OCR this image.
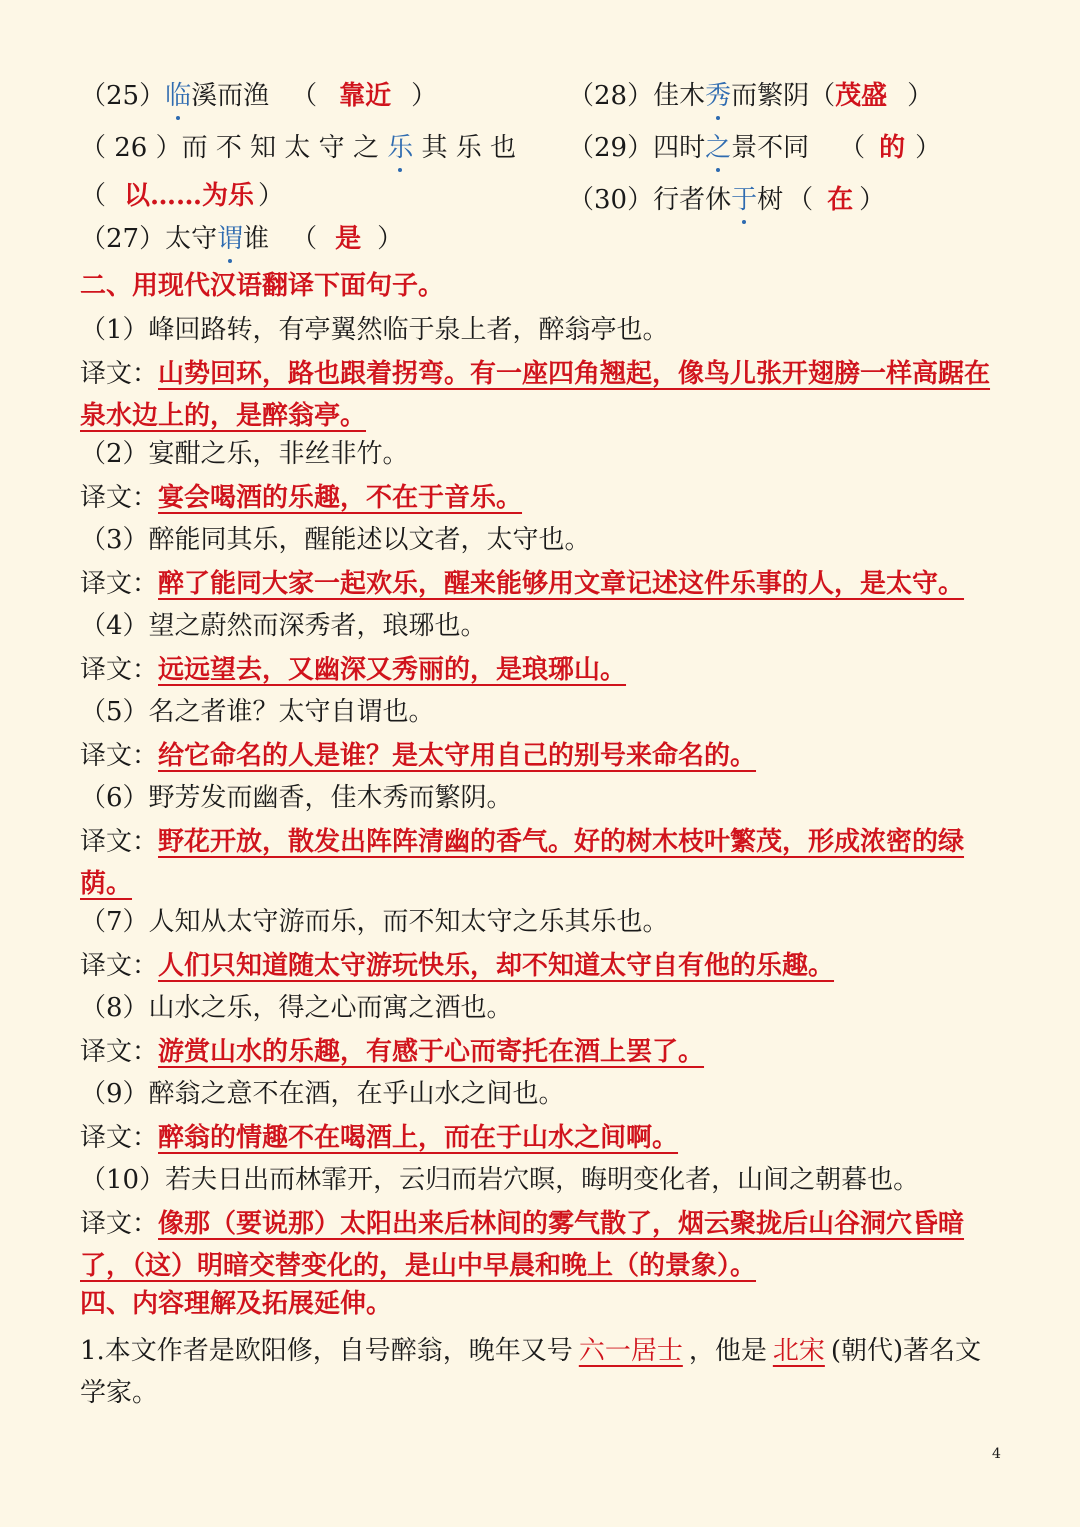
（25）临溪而渔 （ 靠近 ）
（ 26 ）而 不 知 太 守 之 乐 其 乐 也
（ 以……为乐 ）
（27）太守谓谁 （ 是 ）
（28）佳木秀而繁阴（茂盛 ）
（29）四时之景不同 （ 的 ）
（30）行者休于树 （ 在 ）
二、用现代汉语翻译下面句子。
（1）峰回路转，有亭翼然临于泉上者，醉翁亭也。
译文：山势回环，路也跟着拐弯。有一座四角翘起，像鸟儿张开翅膀一样高踞在泉水边上的，是醉翁亭。
（2）宴酣之乐，非丝非竹。
译文：宴会喝酒的乐趣，不在于音乐。
（3）醉能同其乐，醒能述以文者，太守也。
译文：醉了能同大家一起欢乐，醒来能够用文章记述这件乐事的人，是太守。
（4）望之蔚然而深秀者，琅琊也。
译文：远远望去，又幽深又秀丽的，是琅琊山。
（5）名之者谁？太守自谓也。
译文：给它命名的人是谁？是太守用自己的别号来命名的。
（6）野芳发而幽香，佳木秀而繁阴。
译文：野花开放，散发出阵阵清幽的香气。好的树木枝叶繁茂，形成浓密的绿荫。
（7）人知从太守游而乐，而不知太守之乐其乐也。
译文：人们只知道随太守游玩快乐，却不知道太守自有他的乐趣。
（8）山水之乐，得之心而寓之酒也。
译文：游赏山水的乐趣，有感于心而寄托在酒上罢了。
（9）醉翁之意不在酒，在乎山水之间也。
译文：醉翁的情趣不在喝酒上，而在于山水之间啊。
（10）若夫日出而林霏开，云归而岩穴暝，晦明变化者，山间之朝暮也。
译文：像那（要说那）太阳出来后林间的雾气散了，烟云聚拢后山谷洞穴昏暗了，（这）明暗交替变化的，是山中早晨和晚上（的景象）。
四、内容理解及拓展延伸。
1.本文作者是欧阳修，自号醉翁，晚年又号 六一居士 ，他是 北宋 (朝代)著名文学家。
4
